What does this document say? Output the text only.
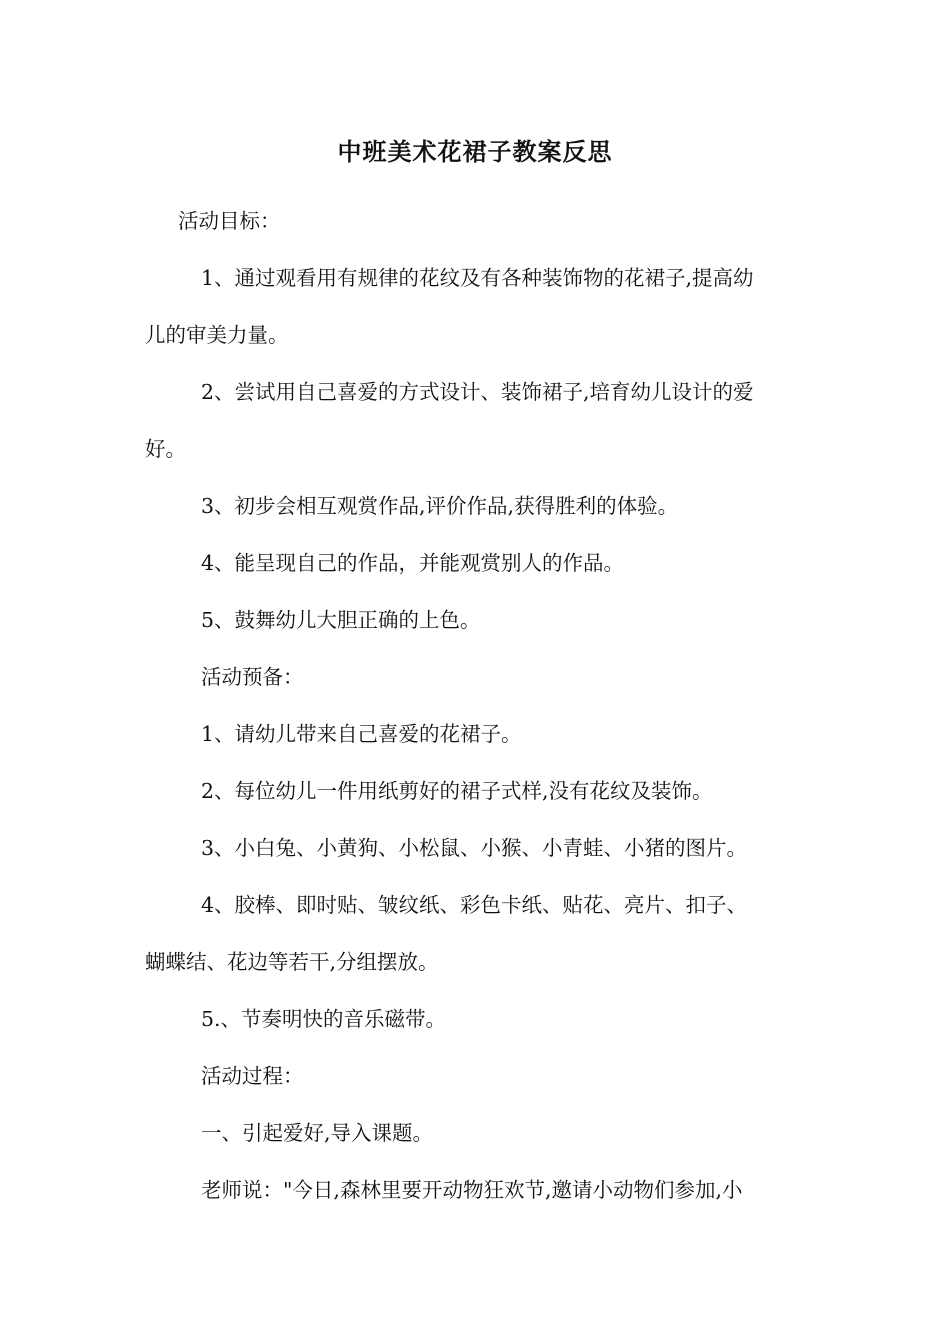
中班美术花裙子教案反思
活动目标：
1、通过观看用有规律的花纹及有各种装饰物的花裙子,提高幼
儿的审美力量。
2、尝试用自己喜爱的方式设计、装饰裙子,培育幼儿设计的爱
好。
3、初步会相互观赏作品,评价作品,获得胜利的体验。
4、能呈现自己的作品，并能观赏别人的作品。
5、鼓舞幼儿大胆正确的上色。
活动预备：
1、请幼儿带来自己喜爱的花裙子。
2、每位幼儿一件用纸剪好的裙子式样,没有花纹及装饰。
3、小白兔、小黄狗、小松鼠、小猴、小青蛙、小猪的图片。
4、胶棒、即时贴、皱纹纸、彩色卡纸、贴花、亮片、扣子、
蝴蝶结、花边等若干,分组摆放。
5.、节奏明快的音乐磁带。
活动过程：
一、引起爱好,导入课题。
老师说："今日,森林里要开动物狂欢节,邀请小动物们参加,小
